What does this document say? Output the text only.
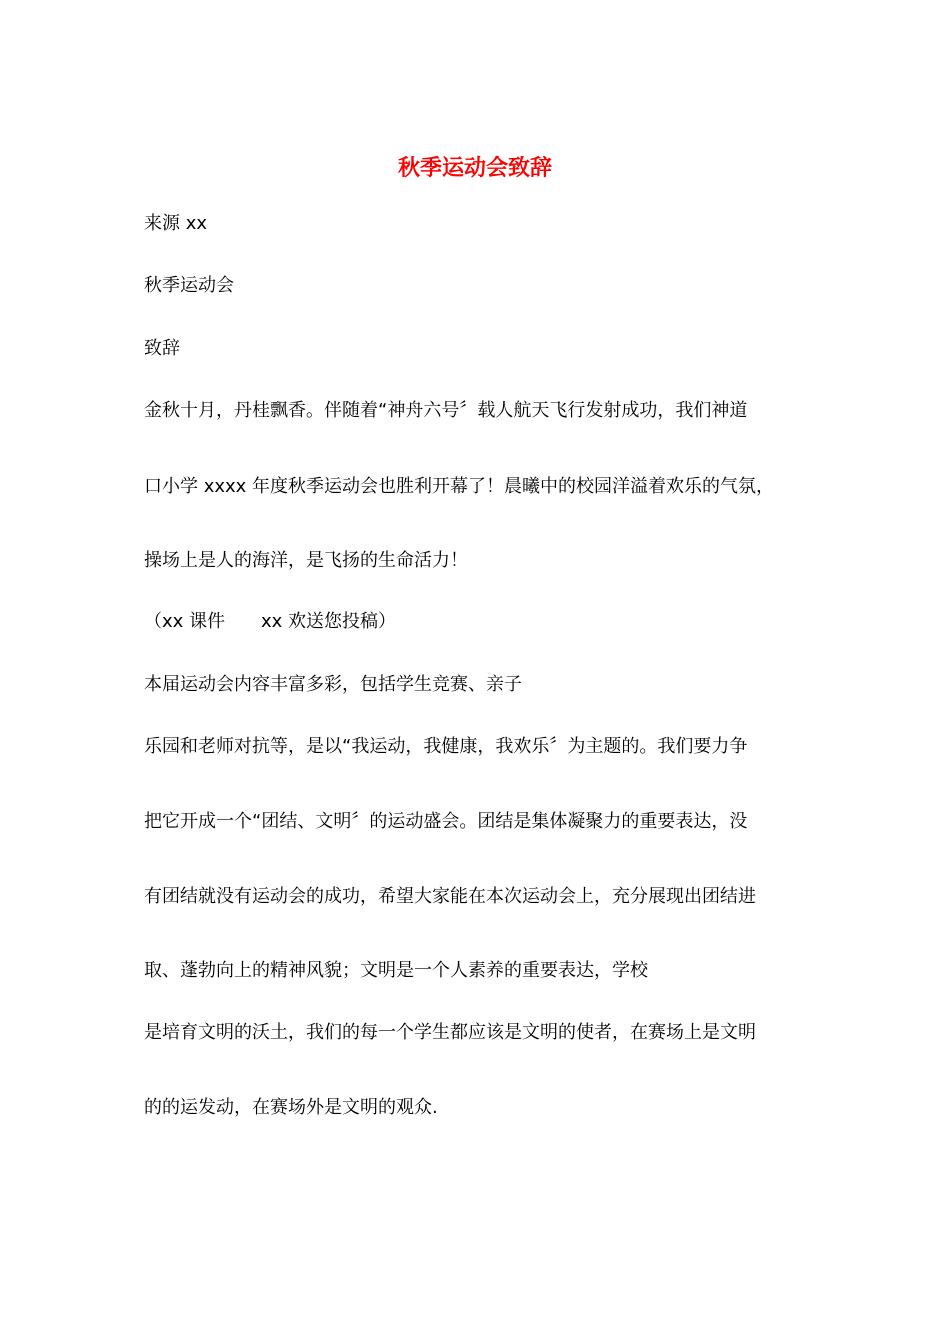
秋季运动会致辞
来源 xx
秋季运动会
致辞
金秋十月，丹桂飘香。伴随着“神舟六号〞载人航天飞行发射成功，我们神道
口小学 xxxx 年度秋季运动会也胜利开幕了！晨曦中的校园洋溢着欢乐的气氛，
操场上是人的海洋，是飞扬的生命活力！
（xx 课件　　xx 欢送您投稿）
本届运动会内容丰富多彩，包括学生竞赛、亲子
乐园和老师对抗等，是以“我运动，我健康，我欢乐〞为主题的。我们要力争
把它开成一个“团结、文明〞的运动盛会。团结是集体凝聚力的重要表达，没
有团结就没有运动会的成功，希望大家能在本次运动会上，充分展现出团结进
取、蓬勃向上的精神风貌；文明是一个人素养的重要表达，学校
是培育文明的沃土，我们的每一个学生都应该是文明的使者，在赛场上是文明
的的运发动，在赛场外是文明的观众.
